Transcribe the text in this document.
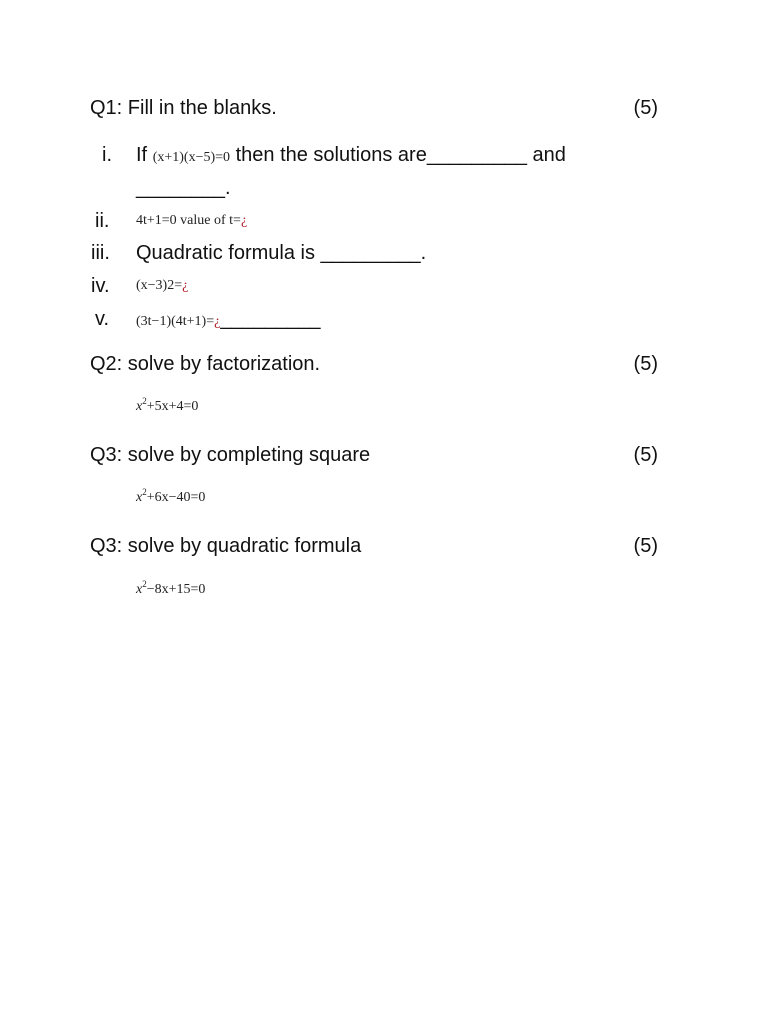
Q1: Fill in the blanks.	(5)
i.	If (x+1)(x−5)=0 then the solutions are_________ and
________.
ii.	4t+1=0 value of t=¿
iii.	Quadratic formula is _________.
iv.	(x−3)2=¿
v.	(3t−1)(4t+1)=¿_________
Q2: solve by factorization.	(5)
$x^2+5x+4=0$
Q3: solve by completing square	(5)
$x^2+6x-40=0$
Q3: solve by quadratic formula	(5)
$x^2-8x+15=0$
